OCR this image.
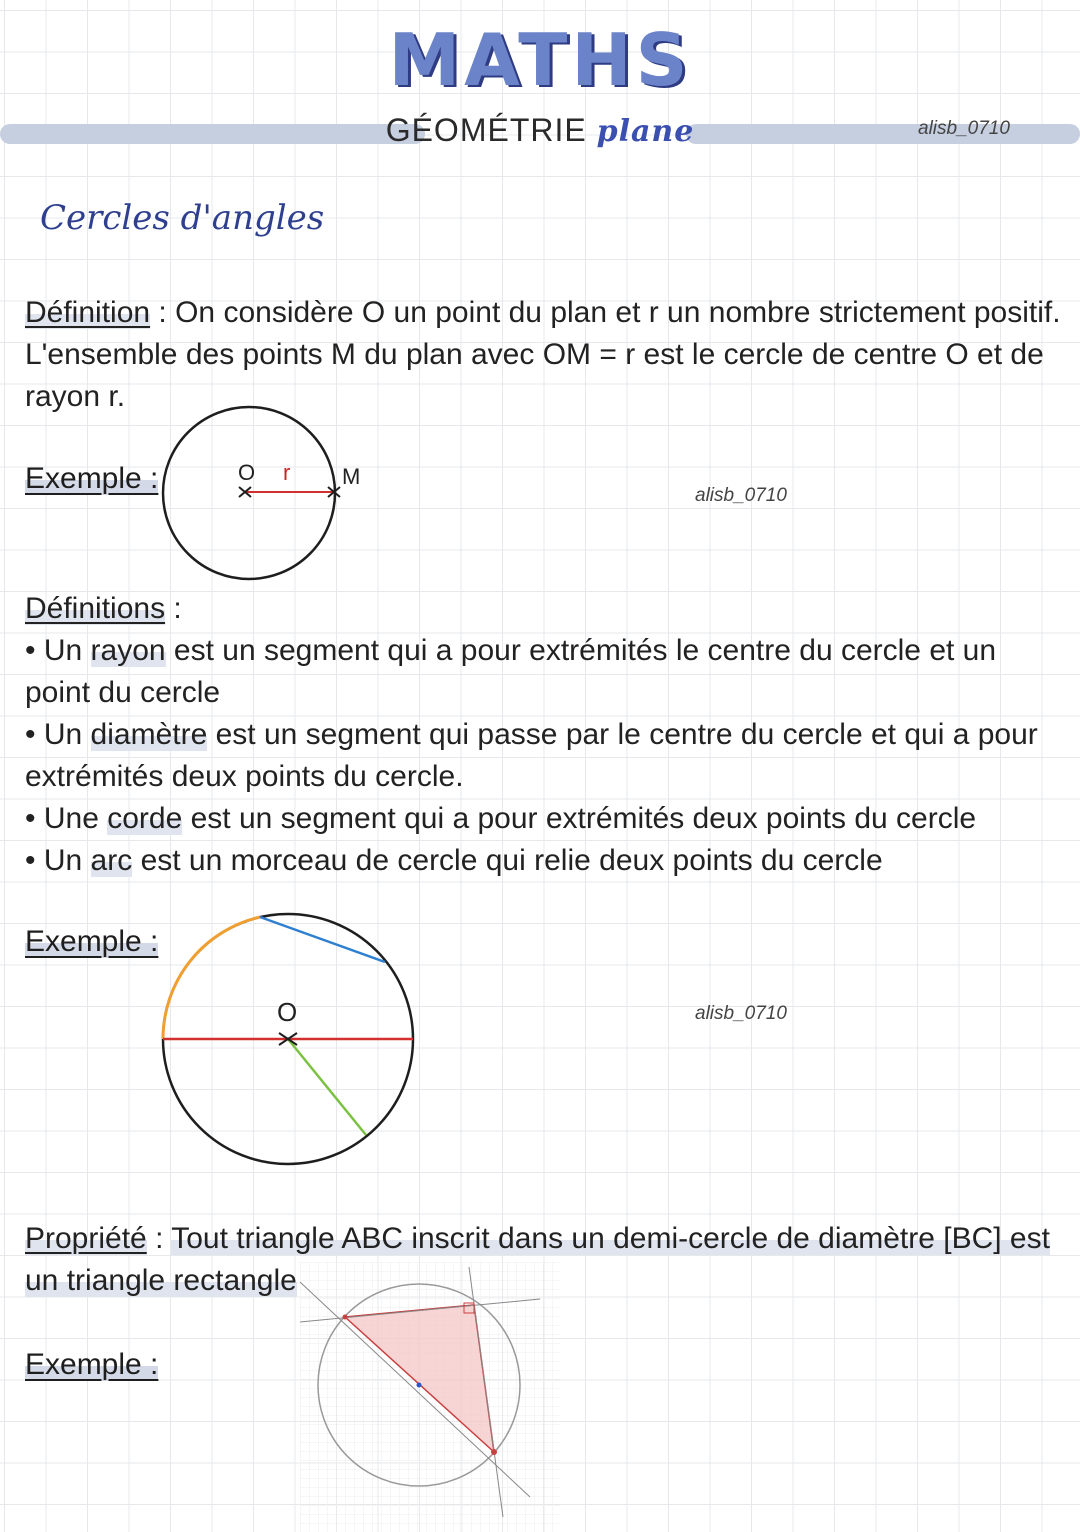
MATHS
GÉOMÉTRIE plane	alisb_0710
Cercles d'angles
Définition : On considère O un point du plan et r un nombre strictement positif. L'ensemble des points M du plan avec OM = r est le cercle de centre O et de rayon r.
Exemple :	O r M
alisb_0710
Définitions :
• Un rayon est un segment qui a pour extrémités le centre du cercle et un point du cercle
• Un diamètre est un segment qui passe par le centre du cercle et qui a pour extrémités deux points du cercle.
• Une corde est un segment qui a pour extrémités deux points du cercle
• Un arc est un morceau de cercle qui relie deux points du cercle
Exemple :
O	alisb_0710
Propriété : Tout triangle ABC inscrit dans un demi-cercle de diamètre [BC] est un triangle rectangle
Exemple :
